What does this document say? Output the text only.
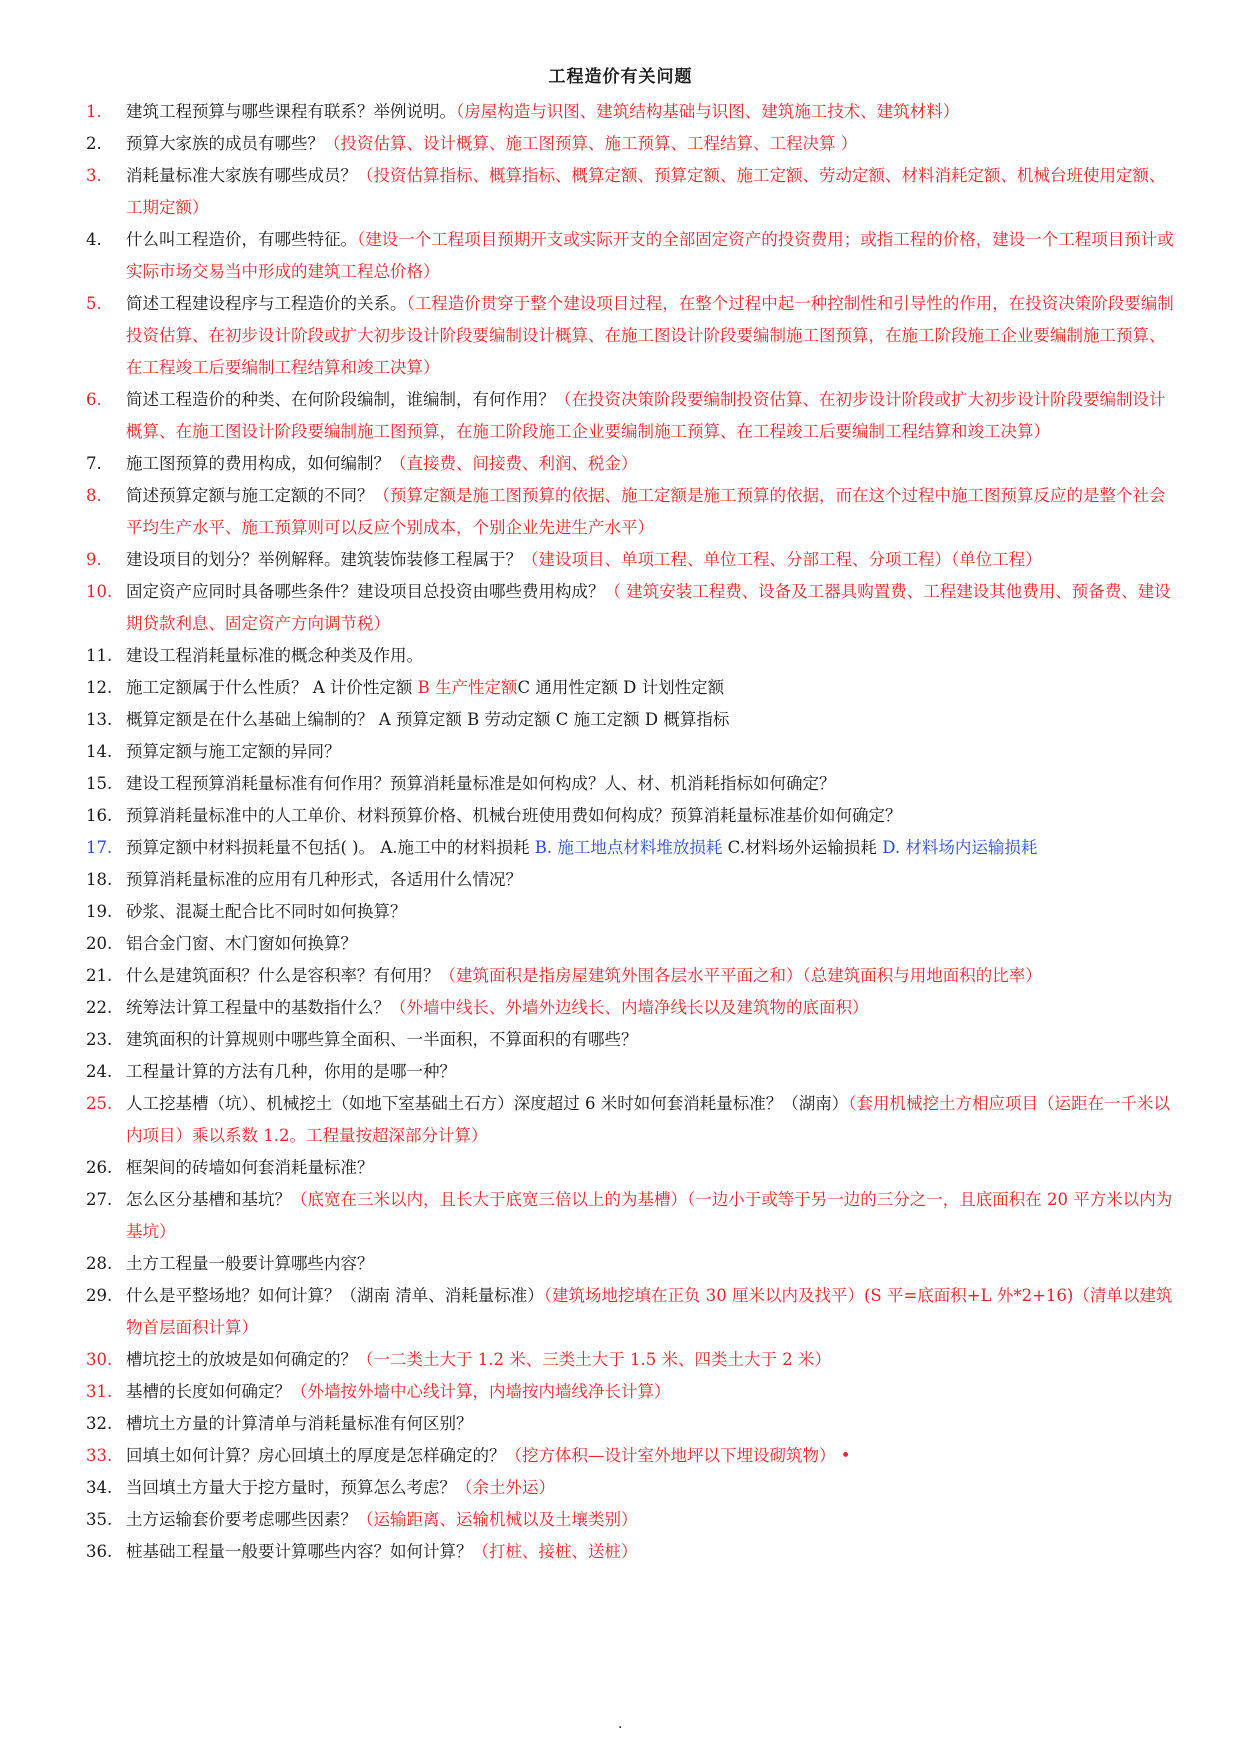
工程造价有关问题
1.	建筑工程预算与哪些课程有联系？举例说明。（房屋构造与识图、建筑结构基础与识图、建筑施工技术、建筑材料）
2.	预算大家族的成员有哪些？（投资估算、设计概算、施工图预算、施工预算、工程结算、工程决算 ）
3.	消耗量标准大家族有哪些成员？（投资估算指标、概算指标、概算定额、预算定额、施工定额、劳动定额、材料消耗定额、机械台班使用定额、工期定额）
4.	什么叫工程造价，有哪些特征。（建设一个工程项目预期开支或实际开支的全部固定资产的投资费用；或指工程的价格，建设一个工程项目预计或实际市场交易当中形成的建筑工程总价格）
5.	简述工程建设程序与工程造价的关系。（工程造价贯穿于整个建设项目过程，在整个过程中起一种控制性和引导性的作用，在投资决策阶段要编制投资估算、在初步设计阶段或扩大初步设计阶段要编制设计概算、在施工图设计阶段要编制施工图预算，在施工阶段施工企业要编制施工预算、在工程竣工后要编制工程结算和竣工决算）
6.	简述工程造价的种类、在何阶段编制，谁编制，有何作用？（在投资决策阶段要编制投资估算、在初步设计阶段或扩大初步设计阶段要编制设计概算、在施工图设计阶段要编制施工图预算，在施工阶段施工企业要编制施工预算、在工程竣工后要编制工程结算和竣工决算）
7.	施工图预算的费用构成，如何编制？（直接费、间接费、利润、税金）
8.	简述预算定额与施工定额的不同？（预算定额是施工图预算的依据、施工定额是施工预算的依据，而在这个过程中施工图预算反应的是整个社会平均生产水平、施工预算则可以反应个别成本，个别企业先进生产水平）
9.	建设项目的划分？举例解释。建筑装饰装修工程属于？（建设项目、单项工程、单位工程、分部工程、分项工程）（单位工程）
10. 固定资产应同时具备哪些条件？建设项目总投资由哪些费用构成？（ 建筑安装工程费、设备及工器具购置费、工程建设其他费用、预备费、建设期贷款利息、固定资产方向调节税）
11. 建设工程消耗量标准的概念种类及作用。
12. 施工定额属于什么性质？ A 计价性定额 B 生产性定额C 通用性定额 D 计划性定额
13. 概算定额是在什么基础上编制的？ A 预算定额 B 劳动定额 C 施工定额 D 概算指标
14. 预算定额与施工定额的异同？
15. 建设工程预算消耗量标准有何作用？预算消耗量标准是如何构成？人、材、机消耗指标如何确定？
16. 预算消耗量标准中的人工单价、材料预算价格、机械台班使用费如何构成？预算消耗量标准基价如何确定？
17. 预算定额中材料损耗量不包括( )。 A.施工中的材料损耗 B. 施工地点材料堆放损耗 C.材料场外运输损耗 D. 材料场内运输损耗
18. 预算消耗量标准的应用有几种形式，各适用什么情况？
19. 砂浆、混凝土配合比不同时如何换算？
20. 铝合金门窗、木门窗如何换算？
21. 什么是建筑面积？什么是容积率？有何用？（建筑面积是指房屋建筑外围各层水平平面之和）（总建筑面积与用地面积的比率）
22. 统筹法计算工程量中的基数指什么？（外墙中线长、外墙外边线长、内墙净线长以及建筑物的底面积）
23. 建筑面积的计算规则中哪些算全面积、一半面积，不算面积的有哪些？
24. 工程量计算的方法有几种，你用的是哪一种？
25. 人工挖基槽（坑）、机械挖土（如地下室基础土石方）深度超过 6 米时如何套消耗量标准？（湖南）（套用机械挖土方相应项目（运距在一千米以内项目）乘以系数 1.2。工程量按超深部分计算）
26. 框架间的砖墙如何套消耗量标准？
27. 怎么区分基槽和基坑？（底宽在三米以内，且长大于底宽三倍以上的为基槽）（一边小于或等于另一边的三分之一，且底面积在 20 平方米以内为基坑）
28. 土方工程量一般要计算哪些内容？
29. 什么是平整场地？如何计算？（湖南 清单、消耗量标准）（建筑场地挖填在正负 30 厘米以内及找平）(S 平=底面积+L 外*2+16)（清单以建筑物首层面积计算）
30. 槽坑挖土的放坡是如何确定的？（一二类土大于 1.2 米、三类土大于 1.5 米、四类土大于 2 米）
31. 基槽的长度如何确定？（外墙按外墙中心线计算，内墙按内墙线净长计算）
32. 槽坑土方量的计算清单与消耗量标准有何区别？
33. 回填土如何计算？房心回填土的厚度是怎样确定的？（挖方体积—设计室外地坪以下埋设砌筑物） •
34. 当回填土方量大于挖方量时，预算怎么考虑？（余土外运）
35. 土方运输套价要考虑哪些因素？（运输距离、运输机械以及土壤类别）
36. 桩基础工程量一般要计算哪些内容？如何计算？（打桩、接桩、送桩）
.
